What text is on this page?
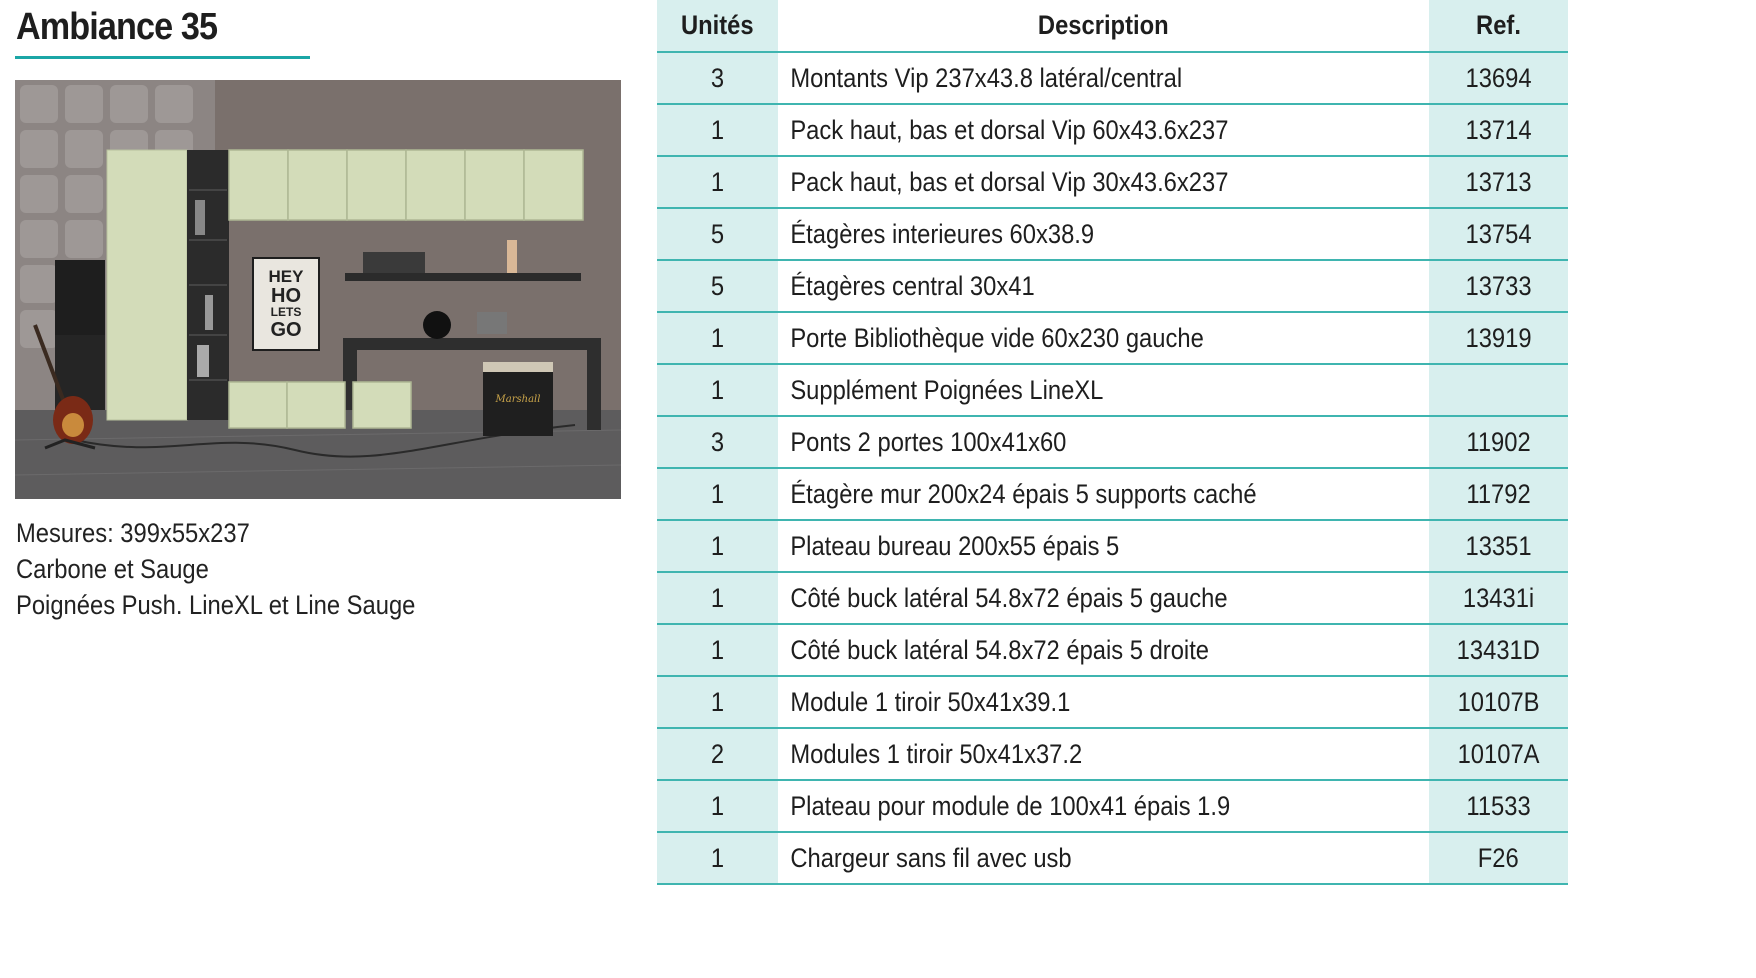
Ambiance 35
HEY
HO
LETS
GO
Marshall
Mesures: 399x55x237
Carbone et Sauge
Poignées Push. LineXL et Line Sauge
Unités	Description	Ref.
3	Montants Vip 237x43.8 latéral/central	13694
1	Pack haut, bas et dorsal Vip 60x43.6x237	13714
1	Pack haut, bas et dorsal Vip 30x43.6x237	13713
5	Étagères interieures 60x38.9	13754
5	Étagères central 30x41	13733
1	Porte Bibliothèque vide 60x230 gauche	13919
1	Supplément Poignées LineXL	
3	Ponts 2 portes 100x41x60	11902
1	Étagère mur 200x24 épais 5 supports caché	11792
1	Plateau bureau 200x55 épais 5	13351
1	Côté buck latéral 54.8x72 épais 5 gauche	13431i
1	Côté buck latéral 54.8x72 épais 5 droite	13431D
1	Module 1 tiroir 50x41x39.1	10107B
2	Modules 1 tiroir 50x41x37.2	10107A
1	Plateau pour module de 100x41 épais 1.9	11533
1	Chargeur sans fil avec usb	F26
